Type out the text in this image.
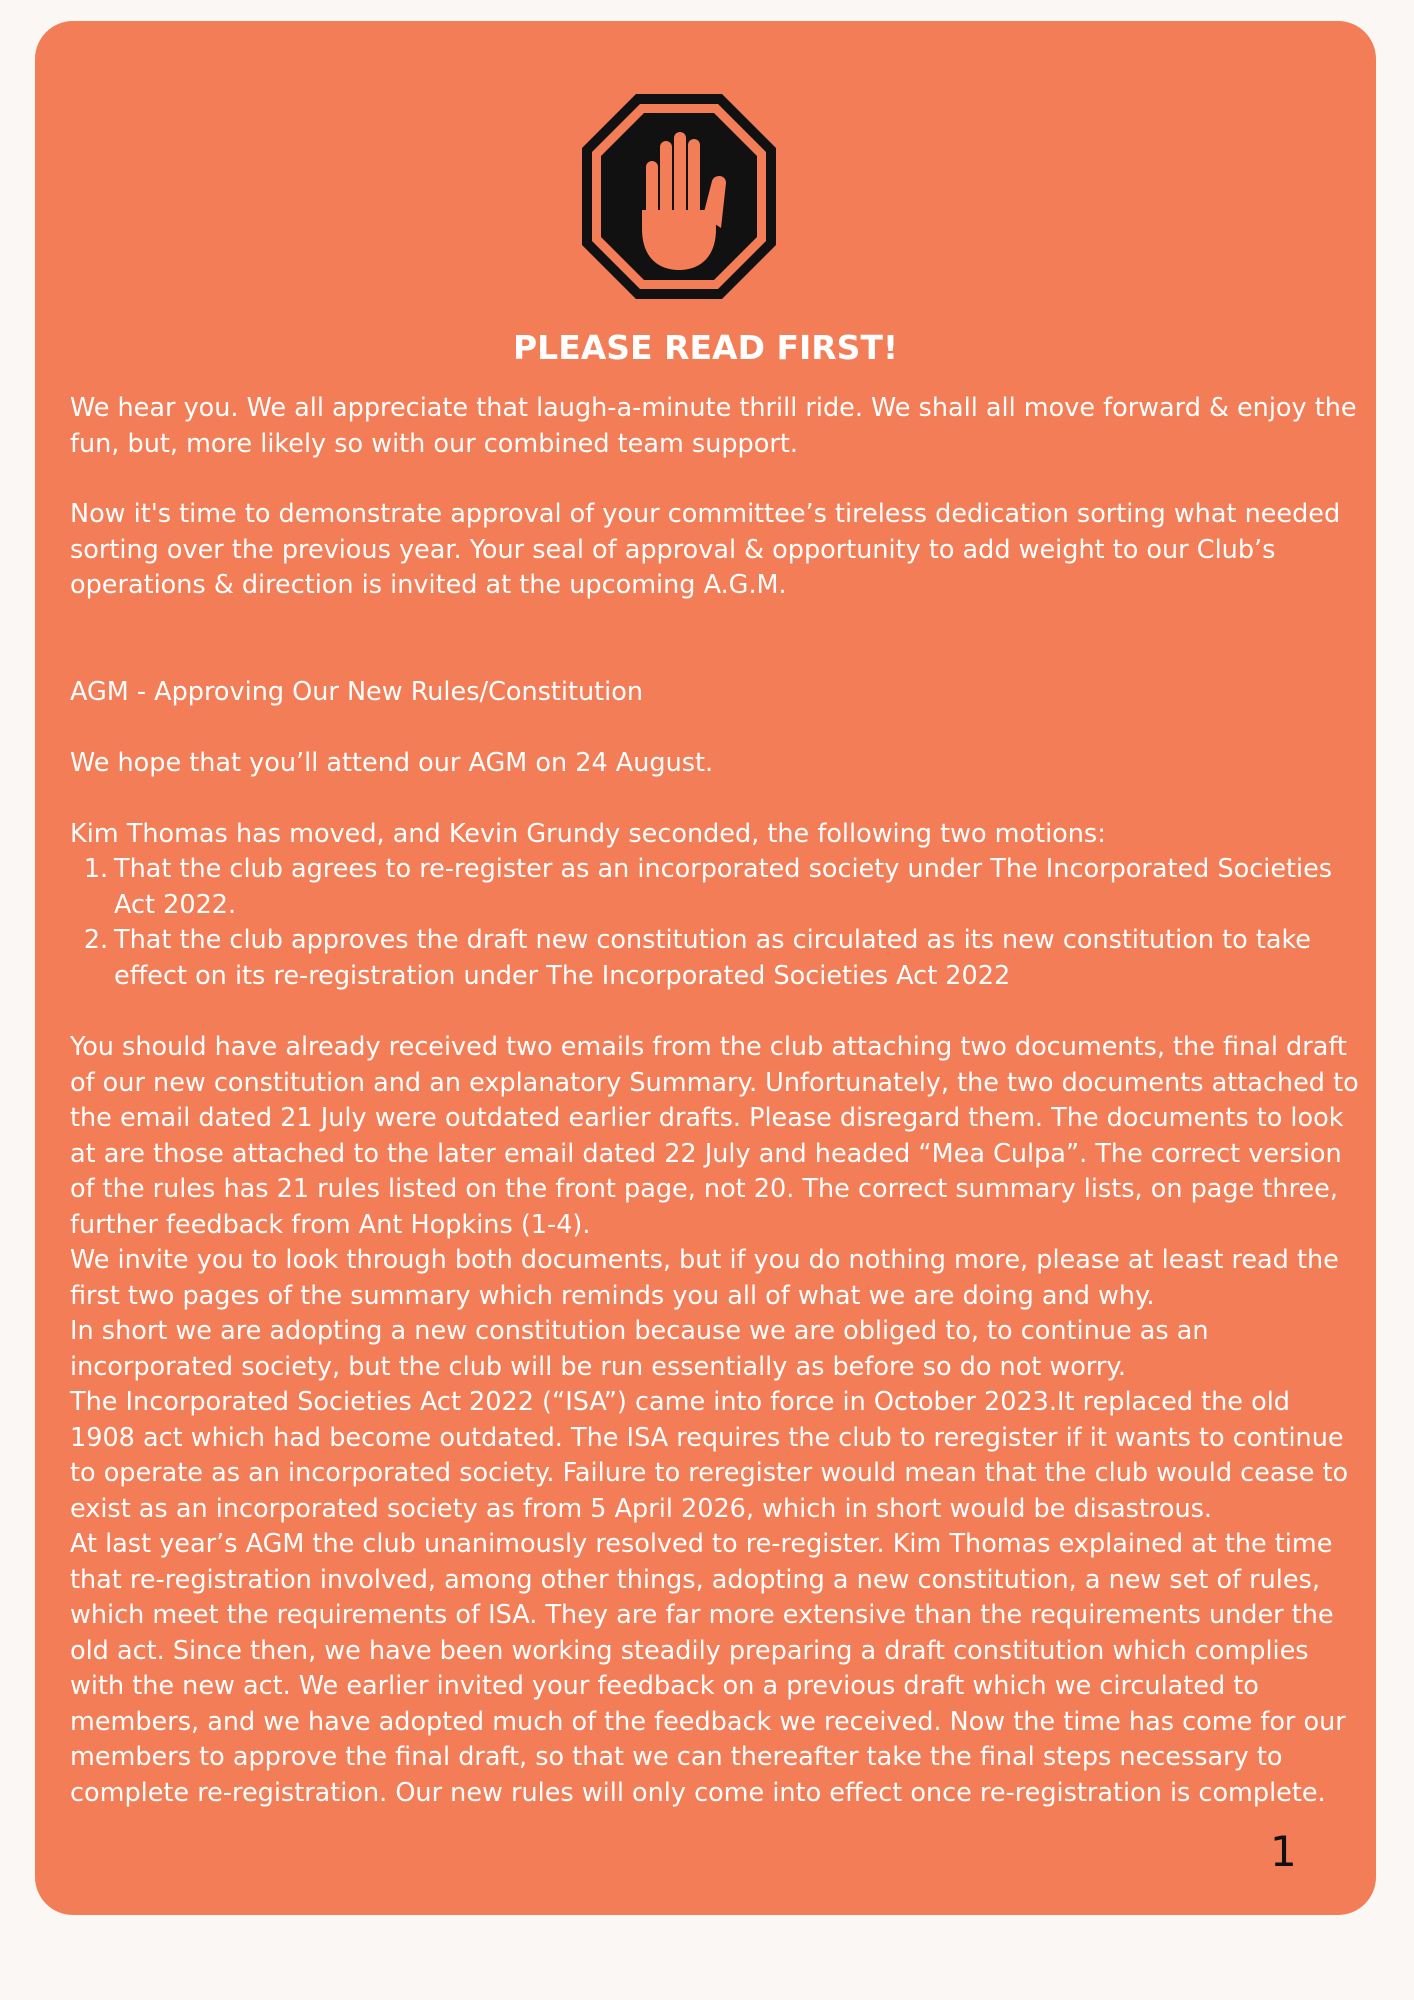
PLEASE READ FIRST!

We hear you. We all appreciate that laugh-a-minute thrill ride. We shall all move forward & enjoy the fun, but, more likely so with our combined team support.

Now it's time to demonstrate approval of your committee’s tireless dedication sorting what needed sorting over the previous year. Your seal of approval & opportunity to add weight to our Club’s operations & direction is invited at the upcoming A.G.M.

AGM - Approving Our New Rules/Constitution

We hope that you’ll attend our AGM on 24 August.

Kim Thomas has moved, and Kevin Grundy seconded, the following two motions:

1. That the club agrees to re-register as an incorporated society under The Incorporated Societies Act 2022.
2. That the club approves the draft new constitution as circulated as its new constitution to take effect on its re-registration under The Incorporated Societies Act 2022
You should have already received two emails from the club attaching two documents, the final draft of our new constitution and an explanatory Summary. Unfortunately, the two documents attached to the email dated 21 July were outdated earlier drafts. Please disregard them. The documents to look at are those attached to the later email dated 22 July and headed “Mea Culpa”. The correct version of the rules has 21 rules listed on the front page, not 20. The correct summary lists, on page three, further feedback from Ant Hopkins (1-4).
We invite you to look through both documents, but if you do nothing more, please at least read the first two pages of the summary which reminds you all of what we are doing and why.
In short we are adopting a new constitution because we are obliged to, to continue as an incorporated society, but the club will be run essentially as before so do not worry.
The Incorporated Societies Act 2022 (“ISA”) came into force in October 2023.It replaced the old 1908 act which had become outdated. The ISA requires the club to reregister if it wants to continue to operate as an incorporated society. Failure to reregister would mean that the club would cease to exist as an incorporated society as from 5 April 2026, which in short would be disastrous.
At last year’s AGM the club unanimously resolved to re-register. Kim Thomas explained at the time that re-registration involved, among other things, adopting a new constitution, a new set of rules, which meet the requirements of ISA. They are far more extensive than the requirements under the old act. Since then, we have been working steadily preparing a draft constitution which complies with the new act. We earlier invited your feedback on a previous draft which we circulated to members, and we have adopted much of the feedback we received. Now the time has come for our members to approve the final draft, so that we can thereafter take the final steps necessary to complete re-registration. Our new rules will only come into effect once re-registration is complete.
1
